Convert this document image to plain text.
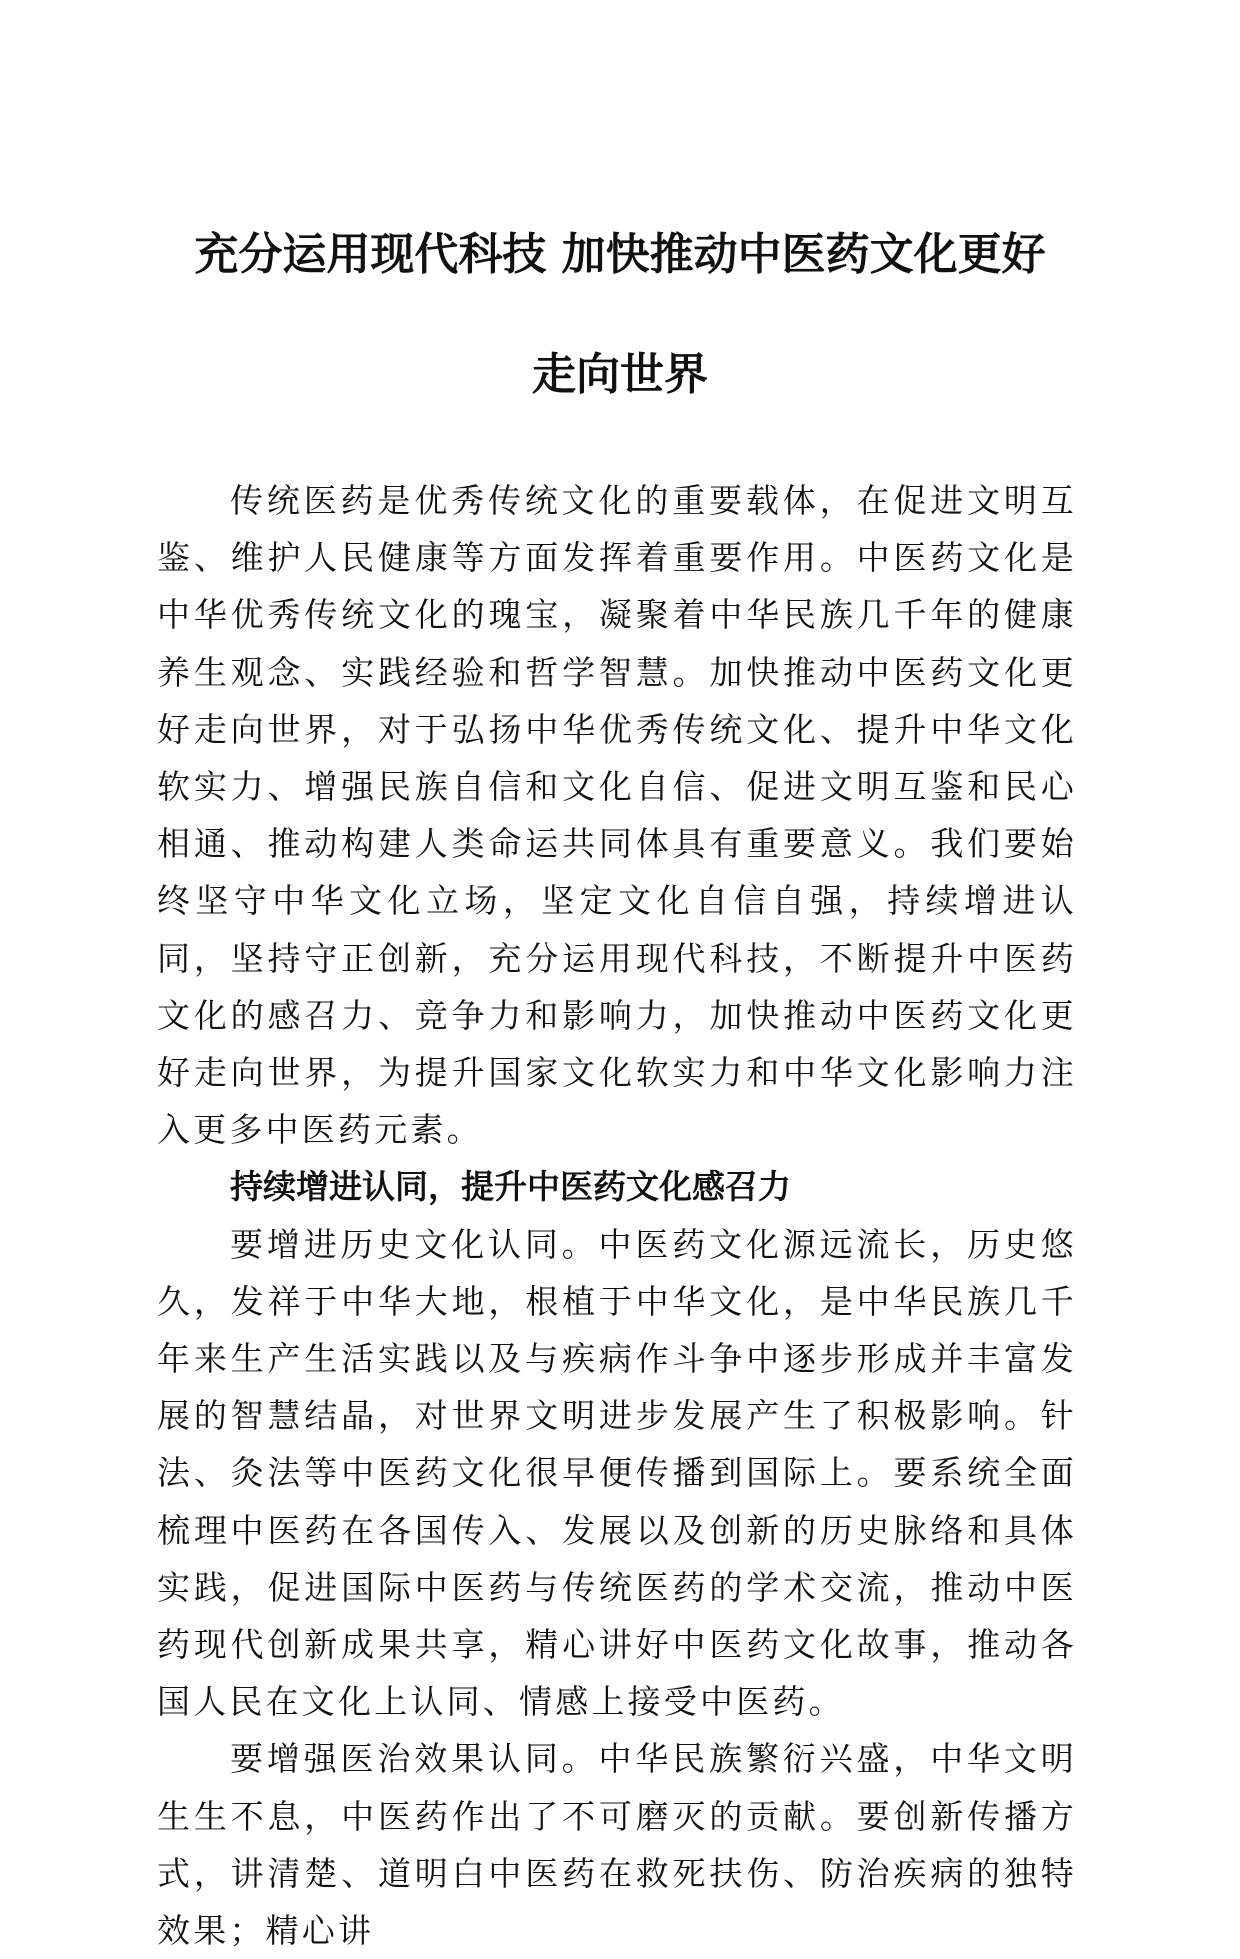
充分运用现代科技 加快推动中医药文化更好
走向世界

传统医药是优秀传统文化的重要载体，在促进文明互鉴、维护人民健康等方面发挥着重要作用。中医药文化是中华优秀传统文化的瑰宝，凝聚着中华民族几千年的健康养生观念、实践经验和哲学智慧。加快推动中医药文化更好走向世界，对于弘扬中华优秀传统文化、提升中华文化软实力、增强民族自信和文化自信、促进文明互鉴和民心相通、推动构建人类命运共同体具有重要意义。我们要始终坚守中华文化立场，坚定文化自信自强，持续增进认同，坚持守正创新，充分运用现代科技，不断提升中医药文化的感召力、竞争力和影响力，加快推动中医药文化更好走向世界，为提升国家文化软实力和中华文化影响力注入更多中医药元素。

持续增进认同，提升中医药文化感召力

要增进历史文化认同。中医药文化源远流长，历史悠久，发祥于中华大地，根植于中华文化，是中华民族几千年来生产生活实践以及与疾病作斗争中逐步形成并丰富发展的智慧结晶，对世界文明进步发展产生了积极影响。针法、灸法等中医药文化很早便传播到国际上。要系统全面梳理中医药在各国传入、发展以及创新的历史脉络和具体实践，促进国际中医药与传统医药的学术交流，推动中医药现代创新成果共享，精心讲好中医药文化故事，推动各国人民在文化上认同、情感上接受中医药。

要增强医治效果认同。中华民族繁衍兴盛，中华文明生生不息，中医药作出了不可磨灭的贡献。要创新传播方式，讲清楚、道明白中医药在救死扶伤、防治疾病的独特效果；精心讲
